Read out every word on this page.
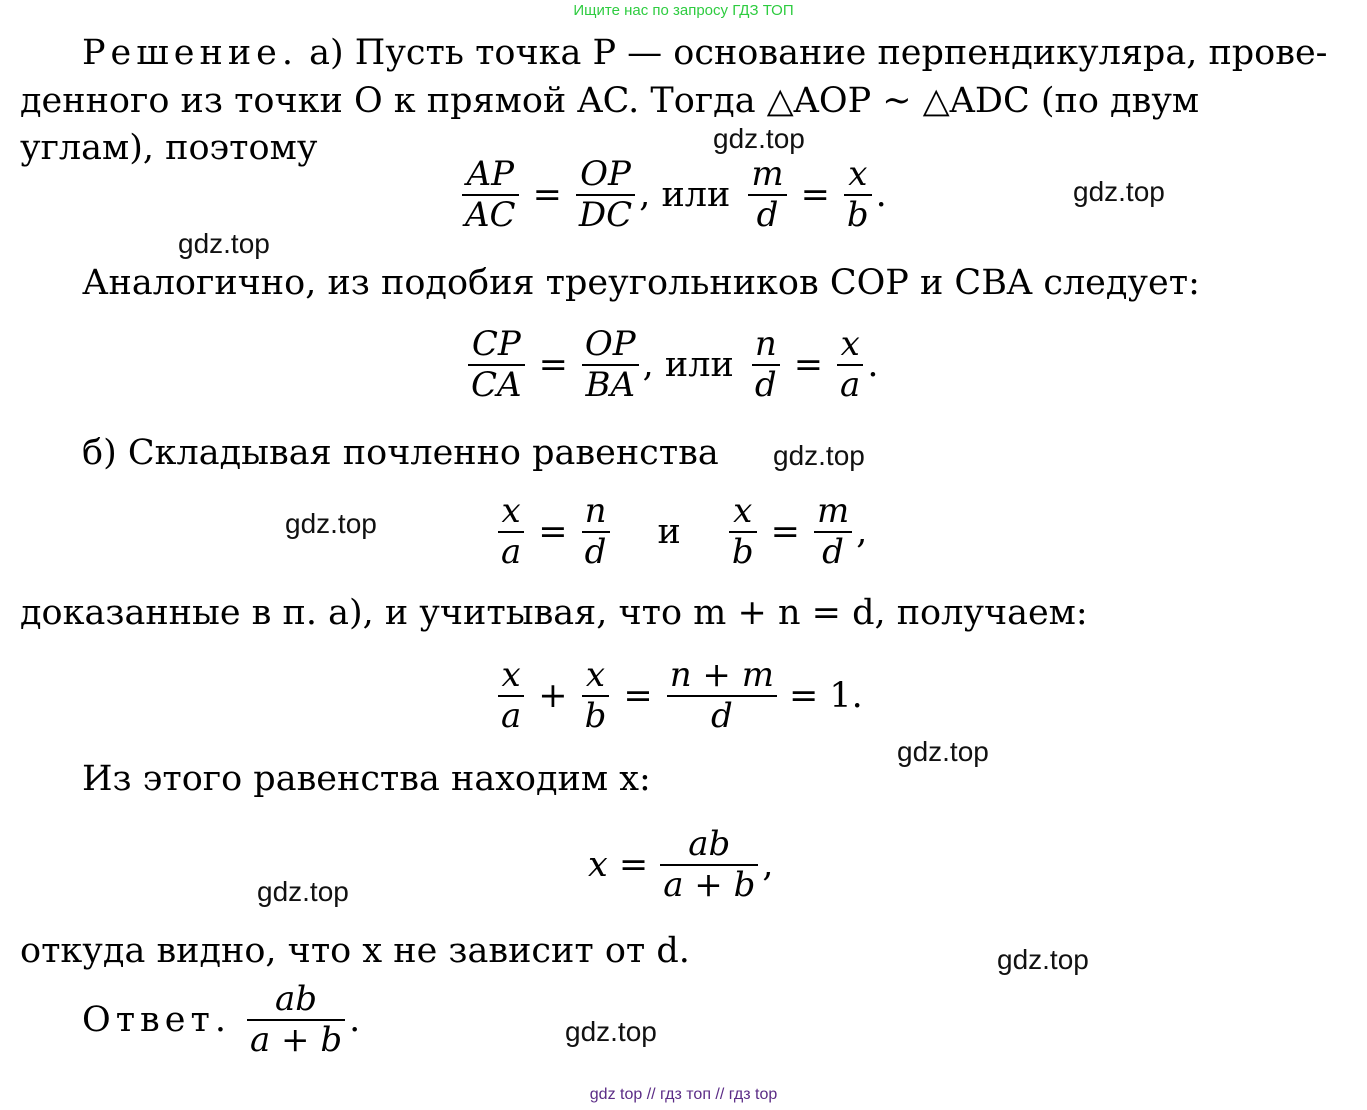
Ищите нас по запросу ГДЗ ТОП
Решение. а) Пусть точка P — основание перпендикуляра, прове-
денного из точки O к прямой AC. Тогда △AOP ~ △ADC (по двум
углам), поэтому
$\frac{AP}{AC} = \frac{OP}{DC}$ , или $\frac{m}{d} = \frac{x}{b}$ .
Аналогично, из подобия треугольников COP и CBA следует:
$\frac{CP}{CA} = \frac{OP}{BA}$ , или $\frac{n}{d} = \frac{x}{a}$ .
б) Складывая почленно равенства
$\frac{x}{a} = \frac{n}{d}$ и $\frac{x}{b} = \frac{m}{d}$ ,
доказанные в п. а), и учитывая, что m + n = d, получаем:
$\frac{x}{a} + \frac{x}{b} = \frac{n + m}{d} = 1$.
Из этого равенства находим x:
$x = \frac{ab}{a + b}$ ,
откуда видно, что x не зависит от d.
Ответ. $\frac{ab}{a + b}$ .
gdz.top
gdz.top
gdz.top
gdz.top
gdz.top
gdz.top
gdz.top
gdz.top
gdz.top
gdz top // гдз топ // гдз top
